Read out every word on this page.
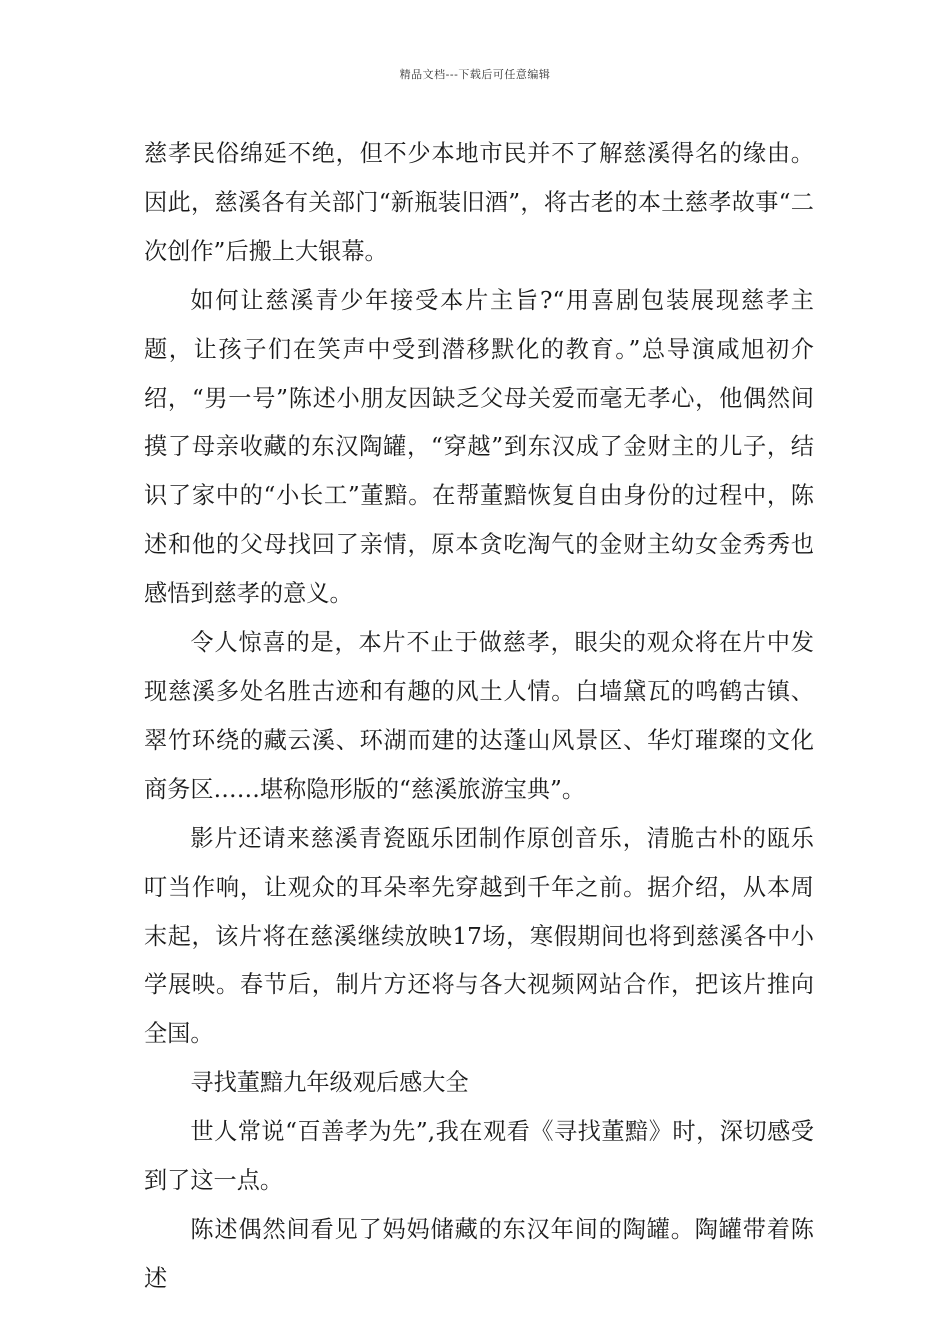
精品文档---下载后可任意编辑

慈孝民俗绵延不绝，但不少本地市民并不了解慈溪得名的缘由。因此，慈溪各有关部门“新瓶装旧酒”，将古老的本土慈孝故事“二次创作”后搬上大银幕。

如何让慈溪青少年接受本片主旨?“用喜剧包装展现慈孝主题，让孩子们在笑声中受到潜移默化的教育。”总导演咸旭初介绍，“男一号”陈述小朋友因缺乏父母关爱而毫无孝心，他偶然间摸了母亲收藏的东汉陶罐，“穿越”到东汉成了金财主的儿子，结识了家中的“小长工”董黯。在帮董黯恢复自由身份的过程中，陈述和他的父母找回了亲情，原本贪吃淘气的金财主幼女金秀秀也感悟到慈孝的意义。

令人惊喜的是，本片不止于做慈孝，眼尖的观众将在片中发现慈溪多处名胜古迹和有趣的风土人情。白墙黛瓦的鸣鹤古镇、翠竹环绕的藏云溪、环湖而建的达蓬山风景区、华灯璀璨的文化商务区……堪称隐形版的“慈溪旅游宝典”。

影片还请来慈溪青瓷瓯乐团制作原创音乐，清脆古朴的瓯乐叮当作响，让观众的耳朵率先穿越到千年之前。据介绍，从本周末起，该片将在慈溪继续放映17场，寒假期间也将到慈溪各中小学展映。春节后，制片方还将与各大视频网站合作，把该片推向全国。

寻找董黯九年级观后感大全

世人常说“百善孝为先”,我在观看《寻找董黯》时，深切感受到了这一点。

陈述偶然间看见了妈妈储藏的东汉年间的陶罐。陶罐带着陈述
